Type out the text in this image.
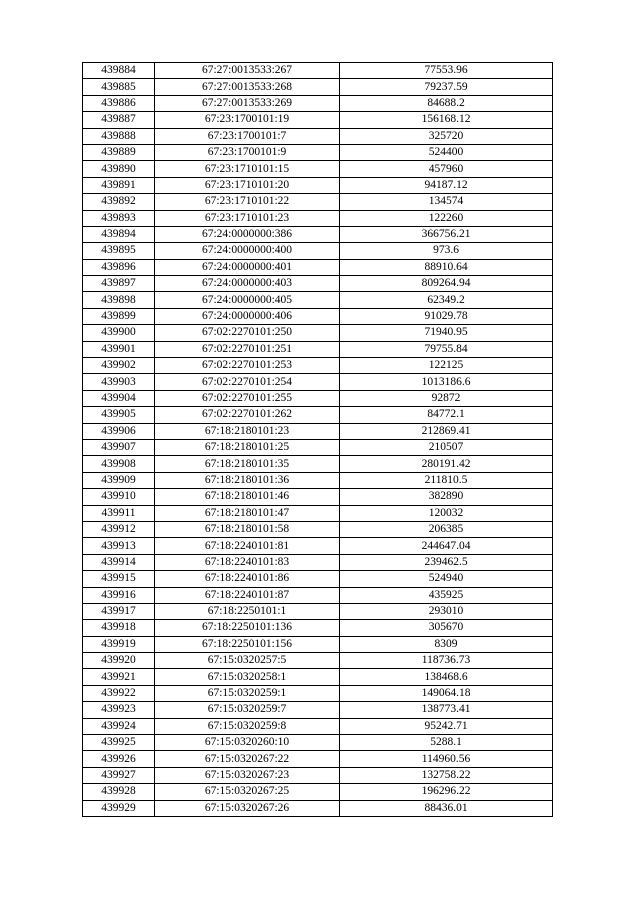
439884	67:27:0013533:267	77553.96
439885	67:27:0013533:268	79237.59
439886	67:27:0013533:269	84688.2
439887	67:23:1700101:19	156168.12
439888	67:23:1700101:7	325720
439889	67:23:1700101:9	524400
439890	67:23:1710101:15	457960
439891	67:23:1710101:20	94187.12
439892	67:23:1710101:22	134574
439893	67:23:1710101:23	122260
439894	67:24:0000000:386	366756.21
439895	67:24:0000000:400	973.6
439896	67:24:0000000:401	88910.64
439897	67:24:0000000:403	809264.94
439898	67:24:0000000:405	62349.2
439899	67:24:0000000:406	91029.78
439900	67:02:2270101:250	71940.95
439901	67:02:2270101:251	79755.84
439902	67:02:2270101:253	122125
439903	67:02:2270101:254	1013186.6
439904	67:02:2270101:255	92872
439905	67:02:2270101:262	84772.1
439906	67:18:2180101:23	212869.41
439907	67:18:2180101:25	210507
439908	67:18:2180101:35	280191.42
439909	67:18:2180101:36	211810.5
439910	67:18:2180101:46	382890
439911	67:18:2180101:47	120032
439912	67:18:2180101:58	206385
439913	67:18:2240101:81	244647.04
439914	67:18:2240101:83	239462.5
439915	67:18:2240101:86	524940
439916	67:18:2240101:87	435925
439917	67:18:2250101:1	293010
439918	67:18:2250101:136	305670
439919	67:18:2250101:156	8309
439920	67:15:0320257:5	118736.73
439921	67:15:0320258:1	138468.6
439922	67:15:0320259:1	149064.18
439923	67:15:0320259:7	138773.41
439924	67:15:0320259:8	95242.71
439925	67:15:0320260:10	5288.1
439926	67:15:0320267:22	114960.56
439927	67:15:0320267:23	132758.22
439928	67:15:0320267:25	196296.22
439929	67:15:0320267:26	88436.01
